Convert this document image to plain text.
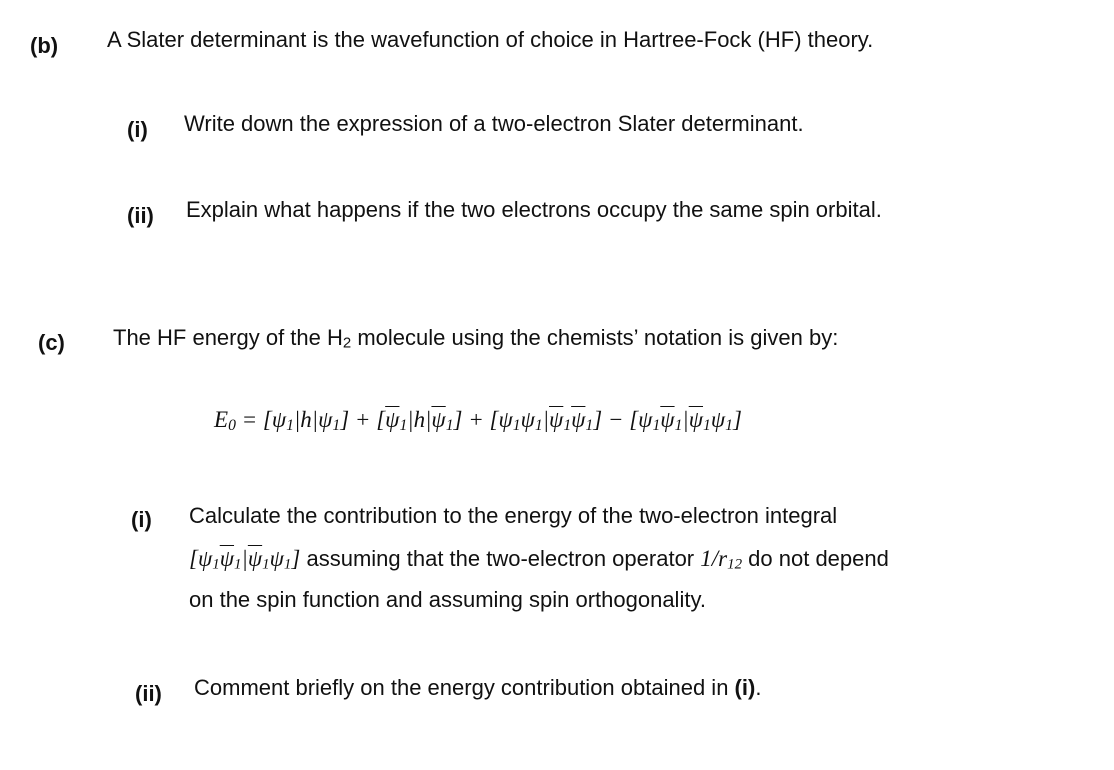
(b) A Slater determinant is the wavefunction of choice in Hartree-Fock (HF) theory.
(i) Write down the expression of a two-electron Slater determinant.
(ii) Explain what happens if the two electrons occupy the same spin orbital.
(c) The HF energy of the H2 molecule using the chemists’ notation is given by:
$E0 = [\psi 1|h|\psi 1] + [\overline{\psi}1|h|\overline{\psi}1] + [\psi 1\psi 1|\overline{\psi}1\overline{\psi}1] - [\psi 1\overline{\psi}1|\overline{\psi}1\psi 1]$
(i) Calculate the contribution to the energy of the two-electron integral
$[\psi 1\overline{\psi}1|\overline{\psi}1\psi 1]$ assuming that the two-electron operator 1/r12 do not depend
on the spin function and assuming spin orthogonality.
(ii) Comment briefly on the energy contribution obtained in (i).
